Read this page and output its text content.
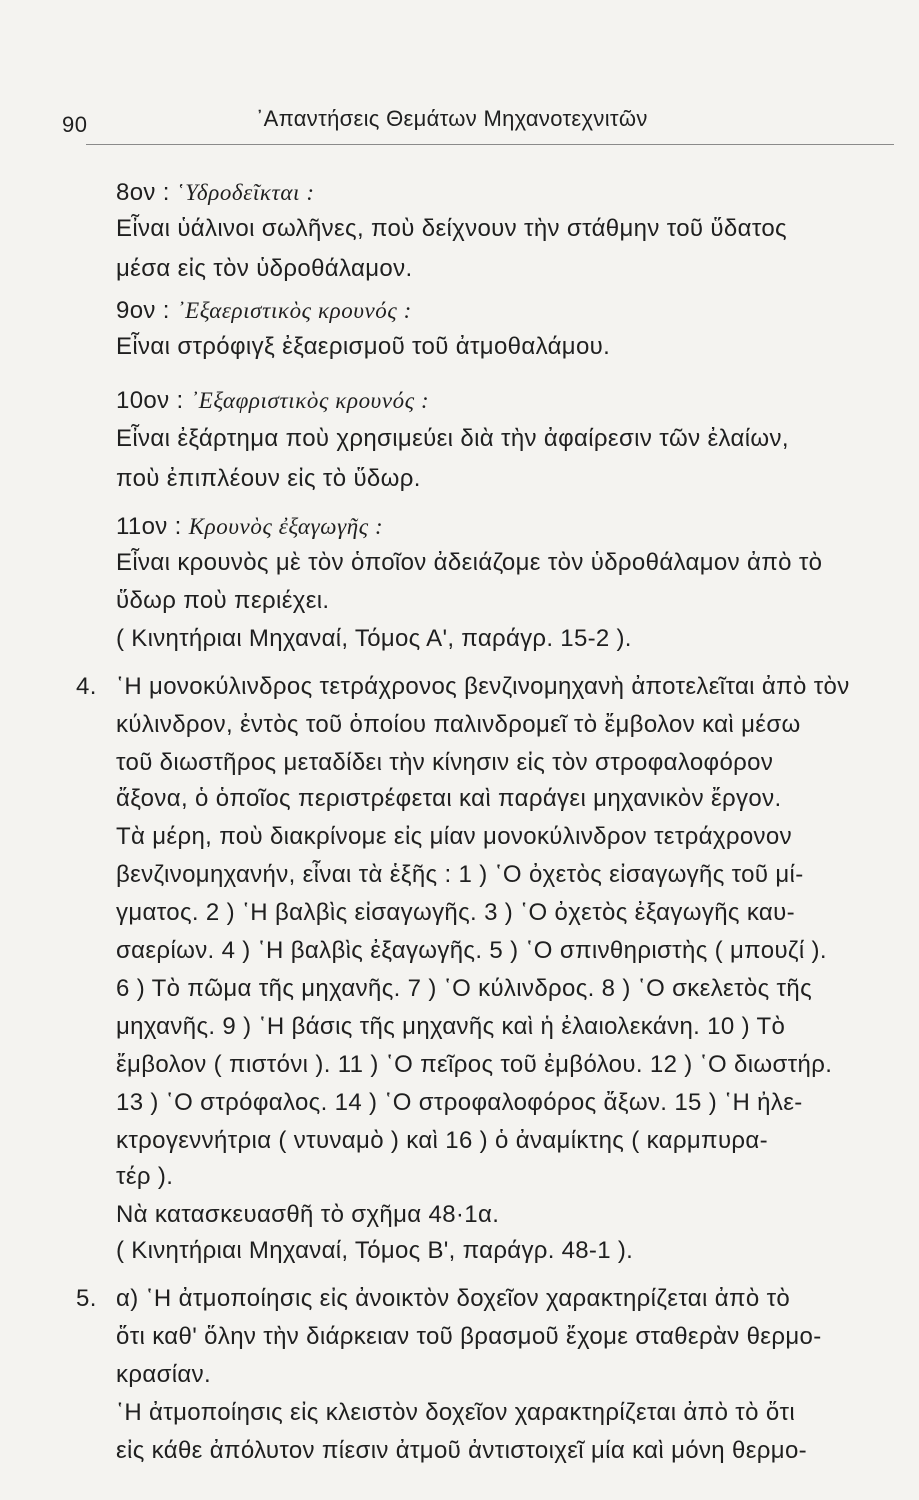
90	᾿Απαντήσεις Θεμάτων Μηχανοτεχνιτῶν
8ον : ῾Υδροδεῖκται :
Εἶναι ὑάλινοι σωλῆνες, ποὺ δείχνουν τὴν στάθμην τοῦ ὕδατος
μέσα εἰς τὸν ὑδροθάλαμον.
9ον : ᾿Εξαεριστικὸς κρουνός :
Εἶναι στρόφιγξ ἐξαερισμοῦ τοῦ ἀτμοθαλάμου.
10ον : ᾿Εξαφριστικὸς κρουνός :
Εἶναι ἐξάρτημα ποὺ χρησιμεύει διὰ τὴν ἀφαίρεσιν τῶν ἐλαίων,
ποὺ ἐπιπλέουν εἰς τὸ ὕδωρ.
11ον : Κρουνὸς ἐξαγωγῆς :
Εἶναι κρουνὸς μὲ τὸν ὁποῖον ἀδειάζομε τὸν ὑδροθάλαμον ἀπὸ τὸ
ὕδωρ ποὺ περιέχει.
( Κινητήριαι Μηχαναί, Τόμος Α', παράγρ. 15-2 ).
4. ῾Η μονοκύλινδρος τετράχρονος βενζινομηχανὴ ἀποτελεῖται ἀπὸ τὸν
κύλινδρον, ἐντὸς τοῦ ὁποίου παλινδρομεῖ τὸ ἔμβολον καὶ μέσω
τοῦ διωστῆρος μεταδίδει τὴν κίνησιν εἰς τὸν στροφαλοφόρον
ἄξονα, ὁ ὁποῖος περιστρέφεται καὶ παράγει μηχανικὸν ἔργον.
Τὰ μέρη, ποὺ διακρίνομε εἰς μίαν μονοκύλινδρον τετράχρονον
βενζινομηχανήν, εἶναι τὰ ἑξῆς : 1 ) ῾Ο ὀχετὸς εἰσαγωγῆς τοῦ μί-
γματος. 2 ) ῾Η βαλβὶς εἰσαγωγῆς. 3 ) ῾Ο ὀχετὸς ἐξαγωγῆς καυ-
σαερίων. 4 ) ῾Η βαλβὶς ἐξαγωγῆς. 5 ) ῾Ο σπινθηριστὴς ( μπουζί ).
6 ) Τὸ πῶμα τῆς μηχανῆς. 7 ) ῾Ο κύλινδρος. 8 ) ῾Ο σκελετὸς τῆς
μηχανῆς. 9 ) ῾Η βάσις τῆς μηχανῆς καὶ ἡ ἐλαιολεκάνη. 10 ) Τὸ
ἔμβολον ( πιστόνι ). 11 ) ῾Ο πεῖρος τοῦ ἐμβόλου. 12 ) ῾Ο διωστήρ.
13 ) ῾Ο στρόφαλος. 14 ) ῾Ο στροφαλοφόρος ἄξων. 15 ) ῾Η ἠλε-
κτρογεννήτρια ( ντυναμὸ ) καὶ 16 ) ὁ ἀναμίκτης ( καρμπυρα-
τέρ ).
Νὰ κατασκευασθῆ τὸ σχῆμα 48·1α.
( Κινητήριαι Μηχαναί, Τόμος Β', παράγρ. 48-1 ).
5. α) ῾Η ἀτμοποίησις εἰς ἀνοικτὸν δοχεῖον χαρακτηρίζεται ἀπὸ τὸ
ὅτι καθ' ὅλην τὴν διάρκειαν τοῦ βρασμοῦ ἔχομε σταθερὰν θερμο-
κρασίαν.
῾Η ἀτμοποίησις εἰς κλειστὸν δοχεῖον χαρακτηρίζεται ἀπὸ τὸ ὅτι
εἰς κάθε ἀπόλυτον πίεσιν ἀτμοῦ ἀντιστοιχεῖ μία καὶ μόνη θερμο-
